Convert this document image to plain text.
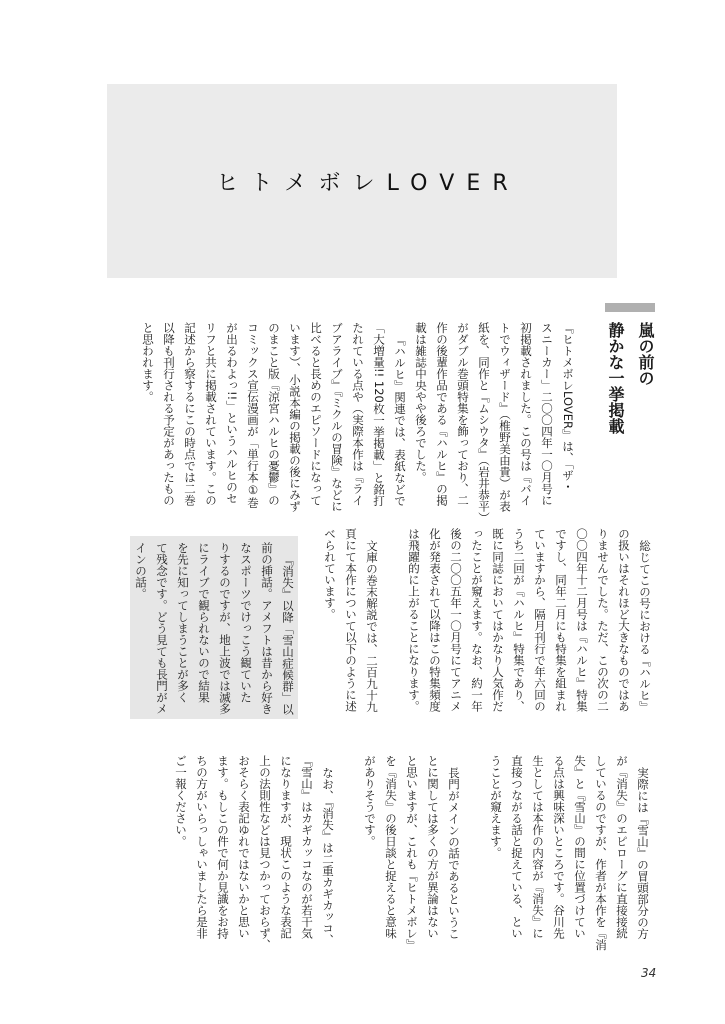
ヒトメボレLOVER
嵐の前の
静かな一挙掲載
『ヒトメボレLOVER』は、「ザ・
スニーカー」二〇〇四年一〇月号に
初掲載されました。この号は『バイ
トでウィザード』（椎野美由貴）が表
紙を、同作と『ムシウタ』（岩井恭平）
がダブル巻頭特集を飾っており、二
作の後輩作品である『ハルヒ』の掲
載は雑誌中央やや後ろでした。
『ハルヒ』関連では、表紙などで
「大増量!! 120枚一挙掲載」と銘打
たれている点や（実際本作は『ライ
ブアライブ』『ミクルの冒険』などに
比べると長めのエピソードになって
います）、小説本編の掲載の後にみず
のまこと版『涼宮ハルヒの憂鬱』の
コミックス宣伝漫画が「単行本①巻
が出るわよっ!!」というハルヒのセ
リフと共に掲載されています。この
記述から察するにこの時点では二巻
以降も刊行される予定があったもの
と思われます。
総じてこの号における『ハルヒ』
の扱いはそれほど大きなものではあ
りませんでした。ただ、この次の二
〇〇四年十二月号は『ハルヒ』特集
ですし、同年二月にも特集を組まれ
ていますから、隔月刊行で年六回の
うち二回が『ハルヒ』特集であり、
既に同誌においてはかなり人気作だ
ったことが窺えます。なお、約一年
後の二〇〇五年一〇月号にてアニメ
化が発表されて以降はこの特集頻度
は飛躍的に上がることになります。
文庫の巻末解説では、二百九十九
頁にて本作について以下のように述
べられています。
『消失』以降「雪山症候群」以
前の挿話。アメフトは昔から好き
なスポーツでけっこう観ていた
りするのですが、地上波では滅多
にライブで観られないので結果
を先に知ってしまうことが多く
て残念です。どう見ても長門がメ
インの話。
実際には『雪山』の冒頭部分の方
が『消失』のエピローグに直接接続
しているのですが、作者が本作を『消
失』と『雪山』の間に位置づけてい
る点は興味深いところです。谷川先
生としては本作の内容が『消失』に
直接つながる話と捉えている、とい
うことが窺えます。
長門がメインの話であるというこ
とに関しては多くの方が異論はない
と思いますが、これも『ヒトメボレ』
を『消失』の後日談と捉えると意味
がありそうです。
なお、『消失』は二重カギカッコ、
『雪山』はカギカッコなのが若干気
になりますが、現状このような表記
上の法則性などは見つかっておらず、
おそらく表記ゆれではないかと思い
ます。もしこの件で何か見識をお持
ちの方がいらっしゃいましたら是非
ご一報ください。
34
